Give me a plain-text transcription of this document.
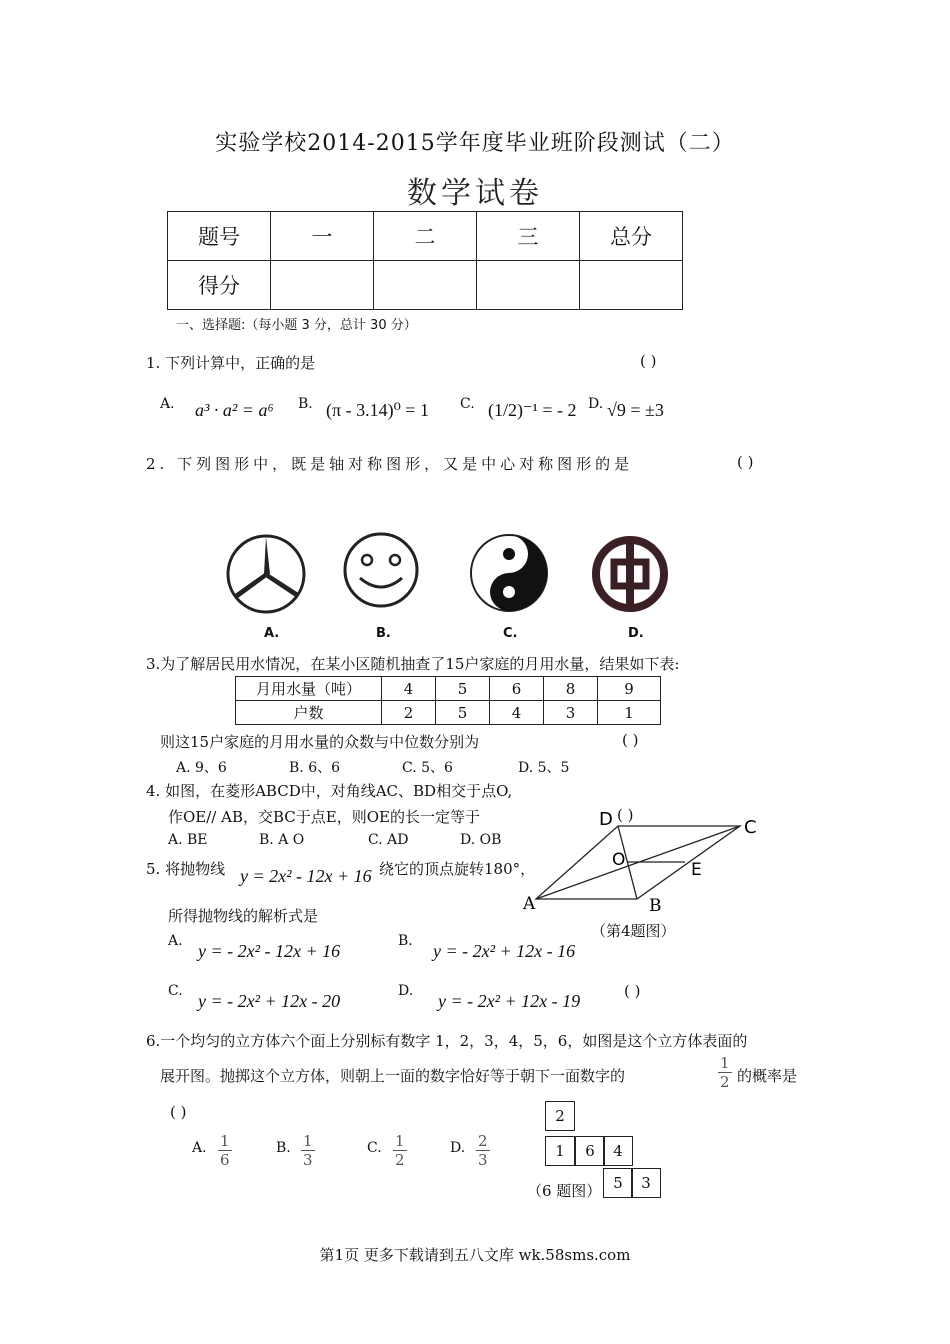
实验学校2014-2015学年度毕业班阶段测试（二）
数学试卷
题号	一	二	三	总分
得分				
一、选择题:（每小题 3 分，总计 30 分）
1. 下列计算中，正确的是	( )
A. a³ · a² = a⁶ B. (π - 3.14)⁰ = 1 C. (1/2)⁻¹ = - 2 D. √9 = ±3
2. 下列图形中，既是轴对称图形，又是中心对称图形的是	( )
A.	B.	C.	D.
3.为了解居民用水情况，在某小区随机抽查了15户家庭的月用水量，结果如下表:
月用水量（吨）	4	5	6	8	9
户数	2	5	4	3	1
则这15户家庭的月用水量的众数与中位数分别为	( )
A. 9、6	B. 6、6	C. 5、6	D. 5、5
4. 如图，在菱形ABCD中，对角线AC、BD相交于点O,
作OE// AB，交BC于点E，则OE的长一定等于	( )
A. BE	B. A O	C. AD	D. OB
D	C
O	E
A	B
（第4题图）
5. 将抛物线 y = 2x² - 12x + 16 绕它的顶点旋转180°，
所得抛物线的解析式是
A. y = - 2x² - 12x + 16	B. y = - 2x² + 12x - 16
C. y = - 2x² + 12x - 20	D. y = - 2x² + 12x - 19	( )
6.一个均匀的立方体六个面上分别标有数字 1，2，3，4，5，6，如图是这个立方体表面的
展开图。抛掷这个立方体，则朝上一面的数字恰好等于朝下一面数字的	$\frac{1}{2}$ 的概率是
( )
A. $\frac{1}{6}$	B. $\frac{1}{3}$	C. $\frac{1}{2}$	D. $\frac{2}{3}$
2
1	6	4
5	3
（6 题图）
第1页 更多下载请到五八文库 wk.58sms.com
